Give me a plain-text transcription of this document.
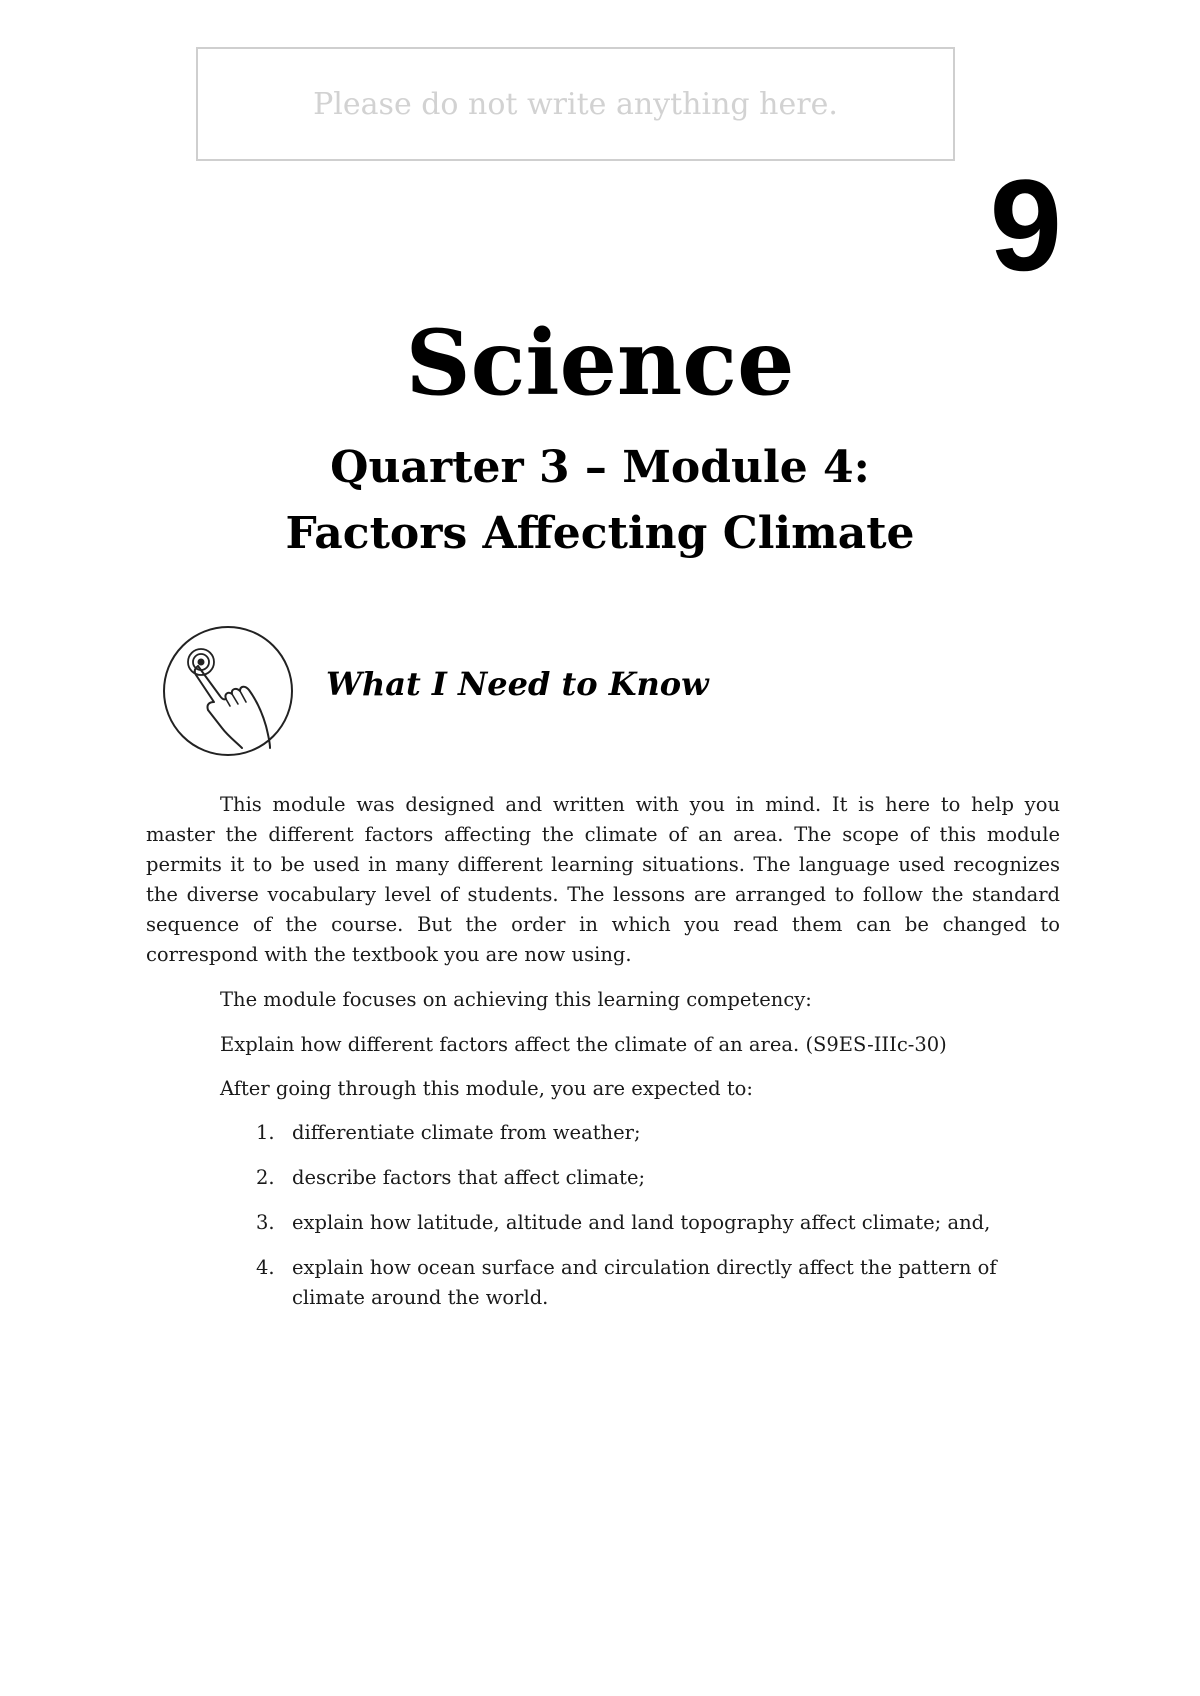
Please do not write anything here.
9
Science
Quarter 3 – Module 4:
Factors Affecting Climate
What I Need to Know

This module was designed and written with you in mind. It is here to help you master the different factors affecting the climate of an area. The scope of this module permits it to be used in many different learning situations. The language used recognizes the diverse vocabulary level of students. The lessons are arranged to follow the standard sequence of the course. But the order in which you read them can be changed to correspond with the textbook you are now using.

The module focuses on achieving this learning competency:
Explain how different factors affect the climate of an area. (S9ES-IIIc-30)
After going through this module, you are expected to:
1. differentiate climate from weather;
2. describe factors that affect climate;
3. explain how latitude, altitude and land topography affect climate; and,
4. explain how ocean surface and circulation directly affect the pattern of climate around the world.
